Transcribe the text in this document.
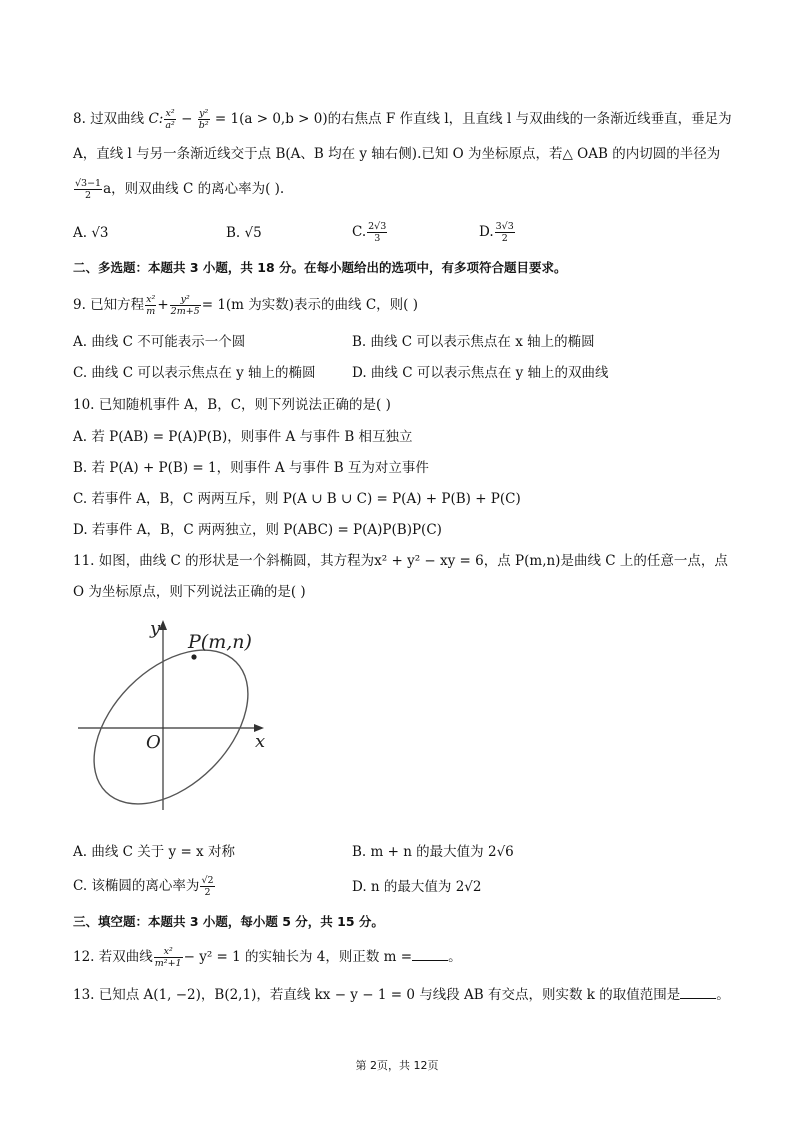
8. 过双曲线 C: $\frac{\text{x²}}{\text{a²}} - \frac{\text{y²}}{\text{b²}} = 1(a > 0,b > 0)$的右焦点 F 作直线 l，且直线 l 与双曲线的一条渐近线垂直，垂足为
A，直线 l 与另一条渐近线交于点 B(A、B 均在 y 轴右侧).已知 O 为坐标原点，若△ OAB 的内切圆的半径为
$\frac{√3-1}{2}$ a，则双曲线 C 的离心率为( ).
A. √3	B. √5	C. $\frac{2√3}{3}$	D. $\frac{3√3}{2}$
二、多选题：本题共 3 小题，共 18 分。在每小题给出的选项中，有多项符合题目要求。
9. 已知方程 $\frac{\text{x²}}{m} + \frac{\text{y²}}{2m+5} = 1(m$ 为实数)表示的曲线 C，则( )
A. 曲线 C 不可能表示一个圆	B. 曲线 C 可以表示焦点在 x 轴上的椭圆
C. 曲线 C 可以表示焦点在 y 轴上的椭圆	D. 曲线 C 可以表示焦点在 y 轴上的双曲线
10. 已知随机事件 A，B，C，则下列说法正确的是( )
A. 若 P(AB) = P(A)P(B)，则事件 A 与事件 B 相互独立
B. 若 P(A) + P(B) = 1，则事件 A 与事件 B 互为对立事件
C. 若事件 A，B，C 两两互斥，则 P(A ∪ B ∪ C) = P(A) + P(B) + P(C)
D. 若事件 A，B，C 两两独立，则 P(ABC) = P(A)P(B)P(C)
11. 如图，曲线 C 的形状是一个斜椭圆，其方程为x² + y² − xy = 6，点 P(m,n)是曲线 C 上的任意一点，点
O 为坐标原点，则下列说法正确的是( )
P(m,n)
y
x
O
A. 曲线 C 关于 y = x 对称	B. m + n 的最大值为 2√6
C. 该椭圆的离心率为 $\frac{√2}{2}$	D. n 的最大值为 2√2
三、填空题：本题共 3 小题，每小题 5 分，共 15 分。
12. 若双曲线 $\frac{\text{x²}}{\text{m²+1}} - y^2 = 1$ 的实轴长为 4，则正数 m =	。
13. 已知点 A(1, −2)，B(2,1)，若直线 kx − y − 1 = 0 与线段 AB 有交点，则实数 k 的取值范围是	。
第 2页，共 12页
